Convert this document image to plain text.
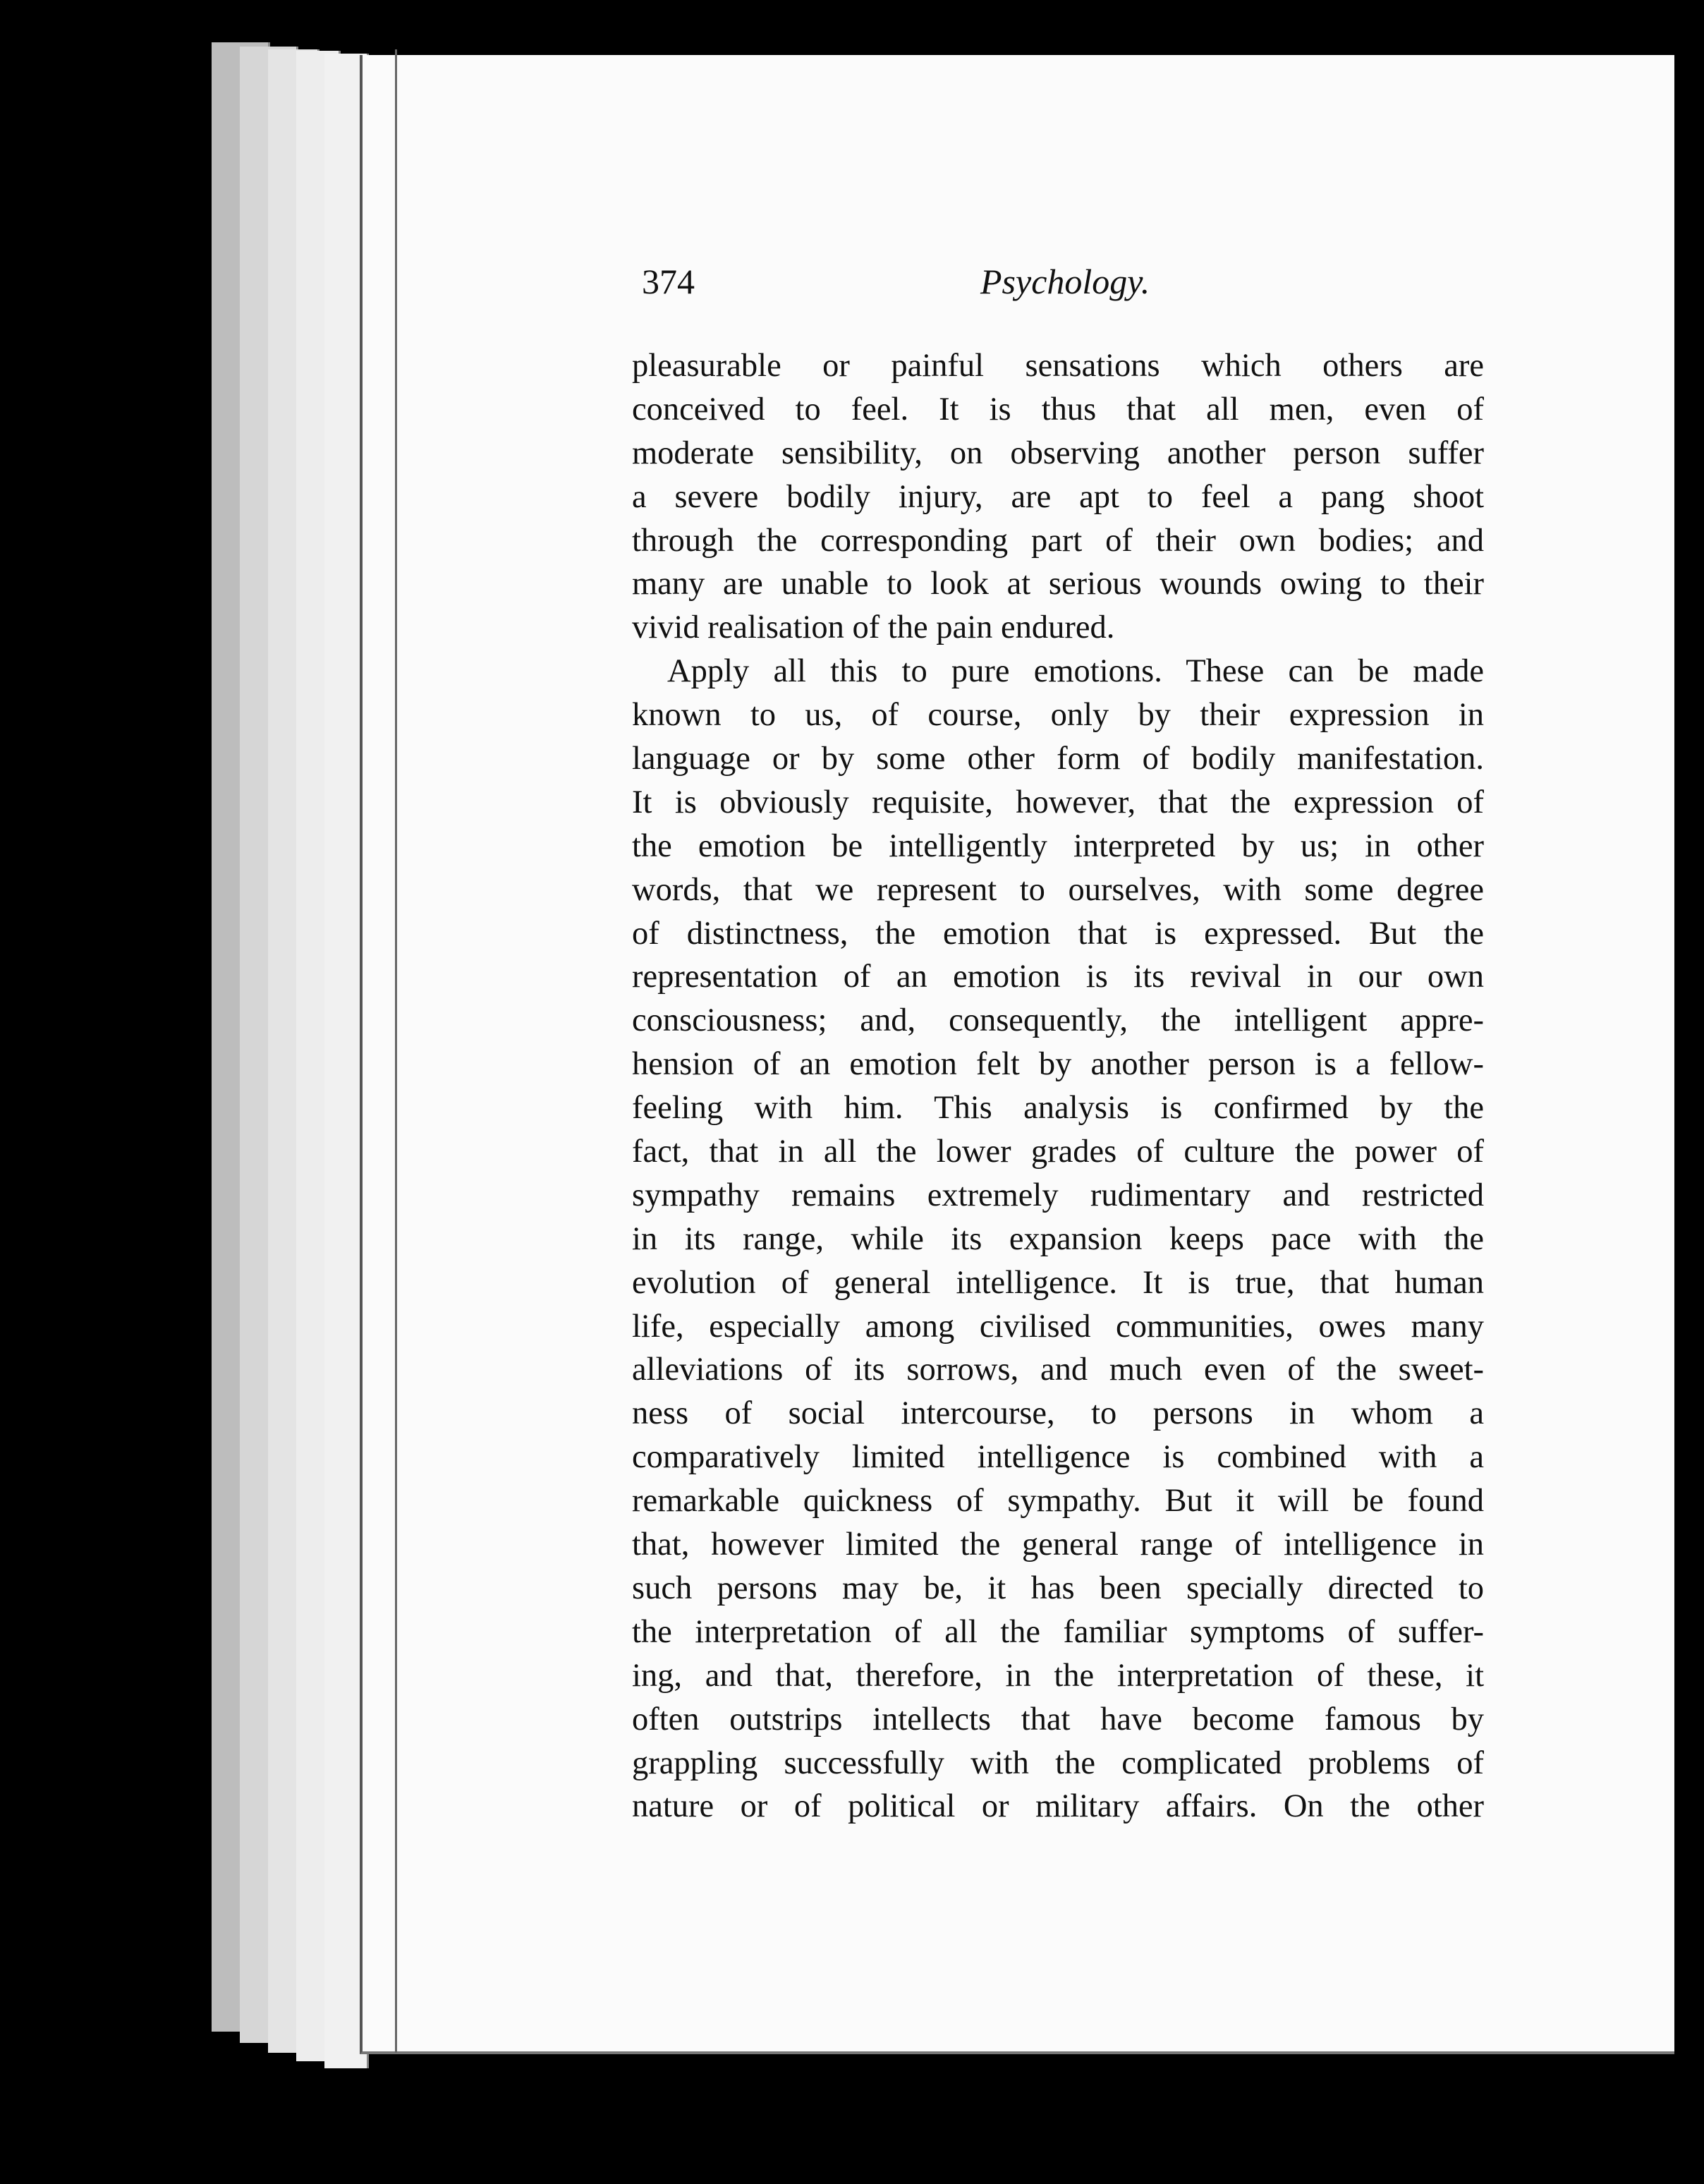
374	Psychology.
pleasurable or painful sensations which others are
conceived to feel. It is thus that all men, even of
moderate sensibility, on observing another person suffer
a severe bodily injury, are apt to feel a pang shoot
through the corresponding part of their own bodies; and
many are unable to look at serious wounds owing to their
vivid realisation of the pain endured.
Apply all this to pure emotions. These can be made
known to us, of course, only by their expression in
language or by some other form of bodily manifestation.
It is obviously requisite, however, that the expression of
the emotion be intelligently interpreted by us; in other
words, that we represent to ourselves, with some degree
of distinctness, the emotion that is expressed. But the
representation of an emotion is its revival in our own
consciousness; and, consequently, the intelligent appre-
hension of an emotion felt by another person is a fellow-
feeling with him. This analysis is confirmed by the
fact, that in all the lower grades of culture the power of
sympathy remains extremely rudimentary and restricted
in its range, while its expansion keeps pace with the
evolution of general intelligence. It is true, that human
life, especially among civilised communities, owes many
alleviations of its sorrows, and much even of the sweet-
ness of social intercourse, to persons in whom a
comparatively limited intelligence is combined with a
remarkable quickness of sympathy. But it will be found
that, however limited the general range of intelligence in
such persons may be, it has been specially directed to
the interpretation of all the familiar symptoms of suffer-
ing, and that, therefore, in the interpretation of these, it
often outstrips intellects that have become famous by
grappling successfully with the complicated problems of
nature or of political or military affairs. On the other
